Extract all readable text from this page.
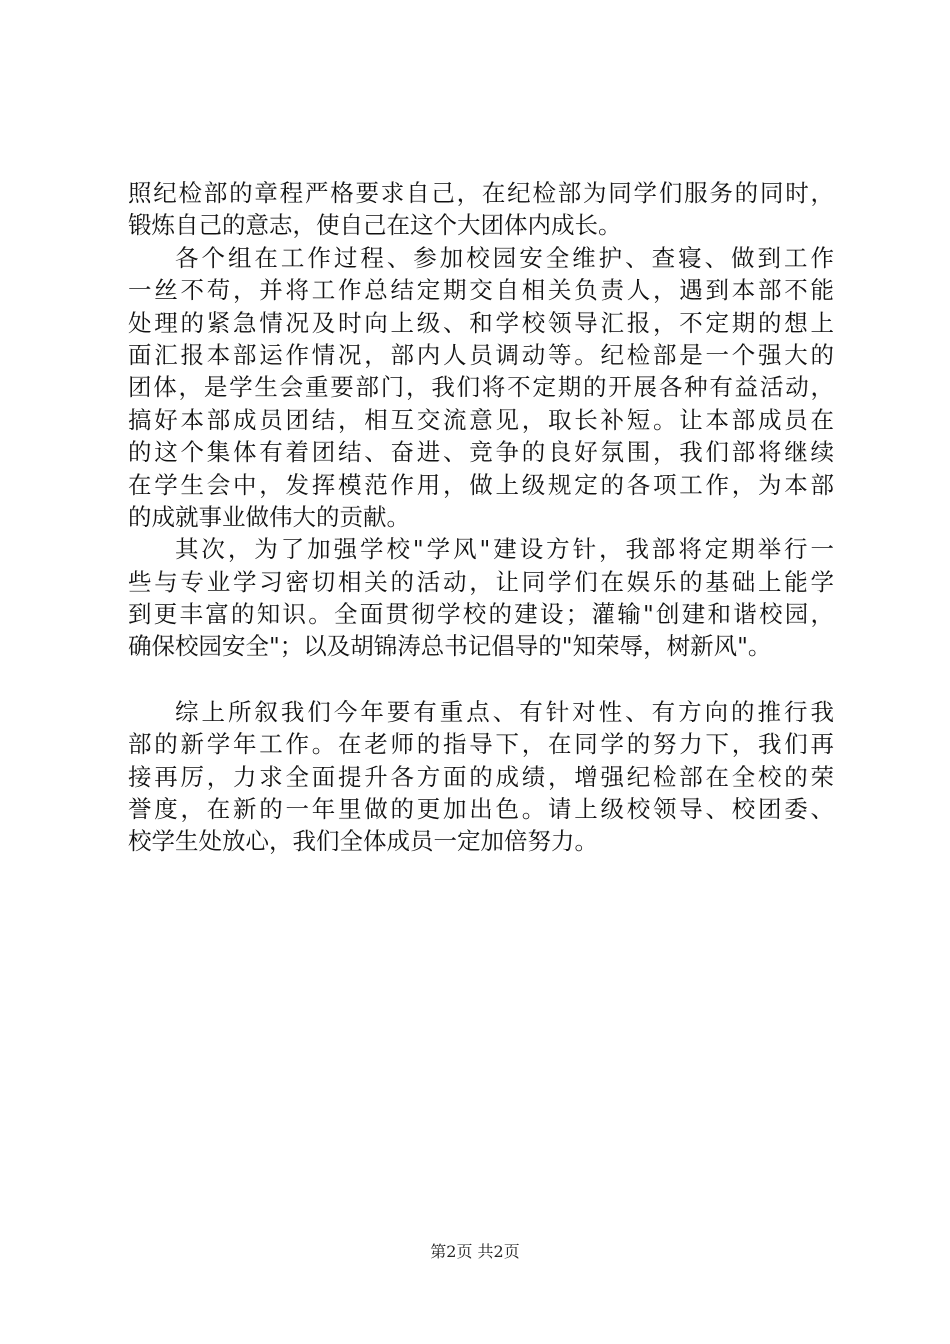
照纪检部的章程严格要求自己，在纪检部为同学们服务的同时，
锻炼自己的意志，使自己在这个大团体内成长。
各个组在工作过程、参加校园安全维护、查寝、做到工作
一丝不苟，并将工作总结定期交自相关负责人，遇到本部不能
处理的紧急情况及时向上级、和学校领导汇报，不定期的想上
面汇报本部运作情况，部内人员调动等。纪检部是一个强大的
团体，是学生会重要部门，我们将不定期的开展各种有益活动，
搞好本部成员团结，相互交流意见，取长补短。让本部成员在
的这个集体有着团结、奋进、竞争的良好氛围，我们部将继续
在学生会中，发挥模范作用，做上级规定的各项工作，为本部
的成就事业做伟大的贡献。
其次，为了加强学校"学风"建设方针，我部将定期举行一
些与专业学习密切相关的活动，让同学们在娱乐的基础上能学
到更丰富的知识。全面贯彻学校的建设；灌输"创建和谐校园，
确保校园安全"；以及胡锦涛总书记倡导的"知荣辱，树新风"。
综上所叙我们今年要有重点、有针对性、有方向的推行我
部的新学年工作。在老师的指导下，在同学的努力下，我们再
接再厉，力求全面提升各方面的成绩，增强纪检部在全校的荣
誉度，在新的一年里做的更加出色。请上级校领导、校团委、
校学生处放心，我们全体成员一定加倍努力。
第2页 共2页
